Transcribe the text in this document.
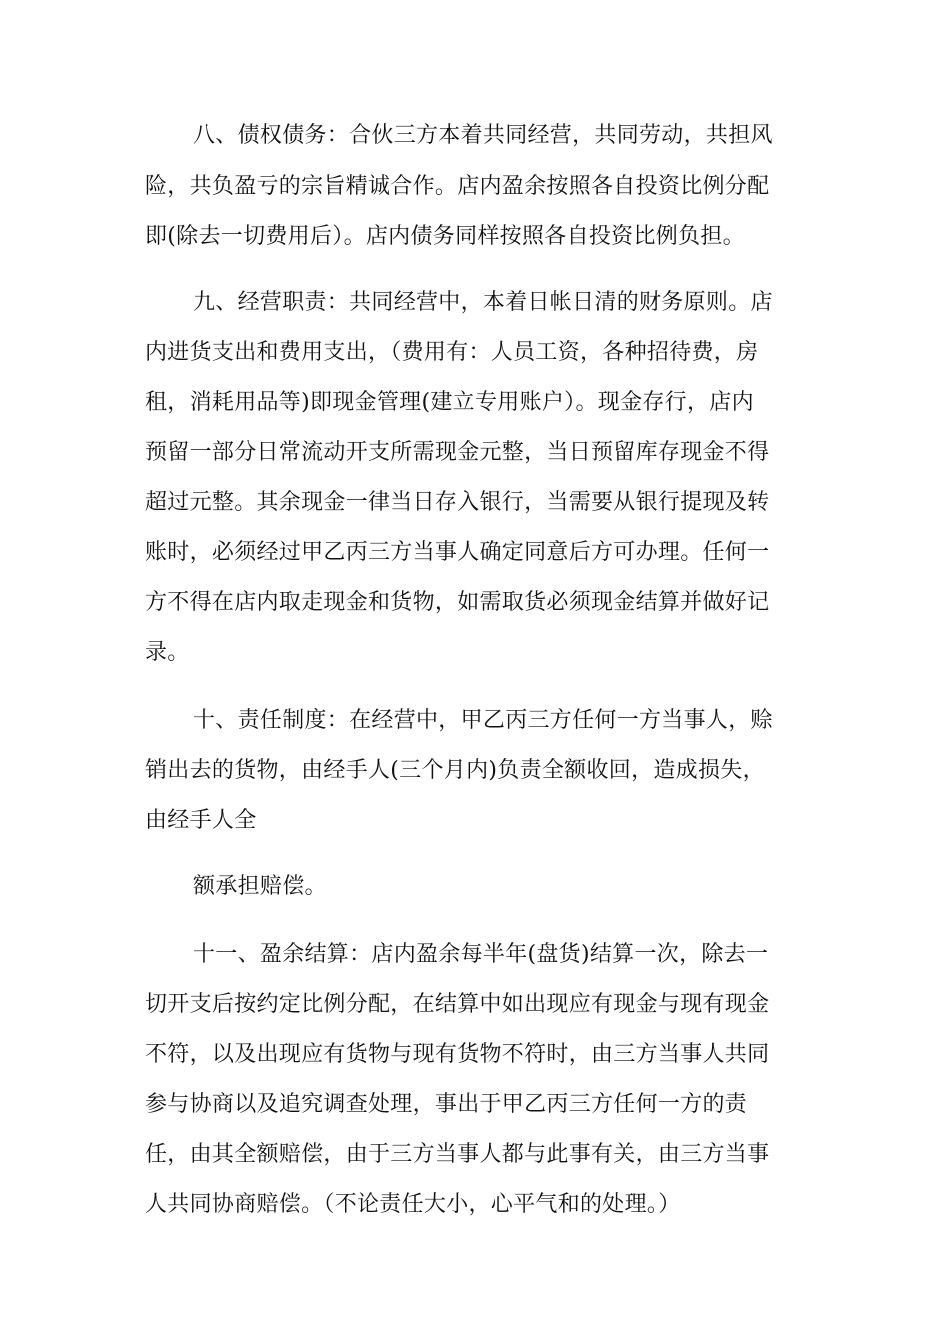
八、债权债务：合伙三方本着共同经营，共同劳动，共担风
险，共负盈亏的宗旨精诚合作。店内盈余按照各自投资比例分配
即(除去一切费用后）。店内债务同样按照各自投资比例负担。
九、经营职责：共同经营中，本着日帐日清的财务原则。店
内进货支出和费用支出，（费用有：人员工资，各种招待费，房
租，消耗用品等)即现金管理(建立专用账户）。现金存行，店内
预留一部分日常流动开支所需现金元整，当日预留库存现金不得
超过元整。其余现金一律当日存入银行，当需要从银行提现及转
账时，必须经过甲乙丙三方当事人确定同意后方可办理。任何一
方不得在店内取走现金和货物，如需取货必须现金结算并做好记
录。
十、责任制度：在经营中，甲乙丙三方任何一方当事人，赊
销出去的货物，由经手人(三个月内)负责全额收回，造成损失，
由经手人全
额承担赔偿。
十一、盈余结算：店内盈余每半年(盘货)结算一次，除去一
切开支后按约定比例分配，在结算中如出现应有现金与现有现金
不符，以及出现应有货物与现有货物不符时，由三方当事人共同
参与协商以及追究调查处理，事出于甲乙丙三方任何一方的责
任，由其全额赔偿，由于三方当事人都与此事有关，由三方当事
人共同协商赔偿。（不论责任大小，心平气和的处理。）
